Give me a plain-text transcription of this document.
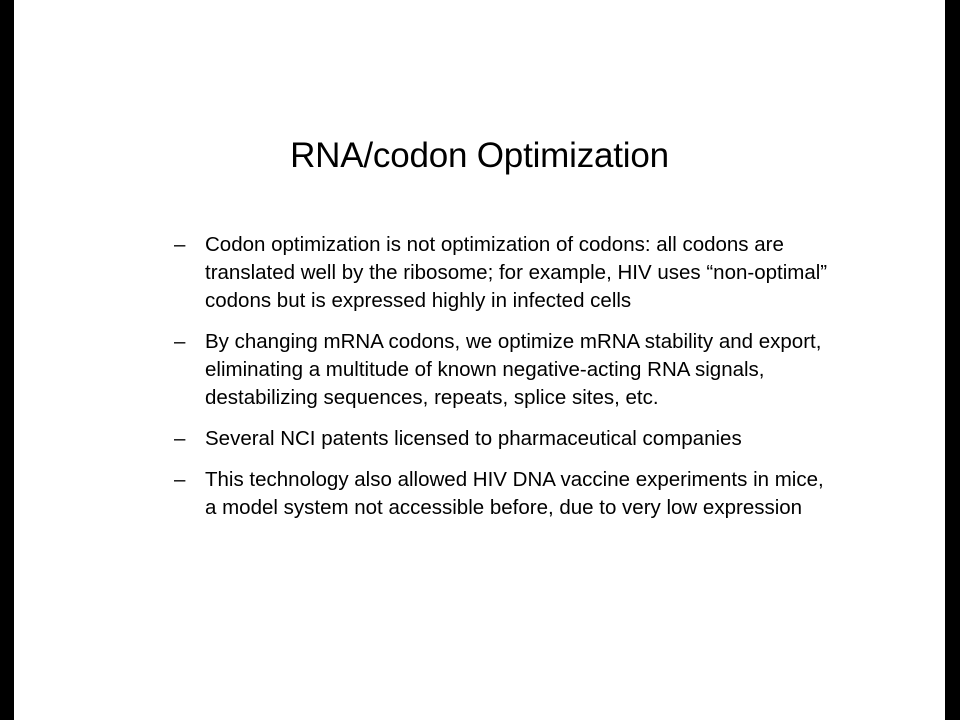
RNA/codon Optimization
– Codon optimization is not optimization of codons: all codons are translated well by the ribosome; for example, HIV uses “non-optimal” codons but is expressed highly in infected cells
– By changing mRNA codons, we optimize mRNA stability and export, eliminating a multitude of known negative-acting RNA signals, destabilizing sequences, repeats, splice sites, etc.
– Several NCI patents licensed to pharmaceutical companies
– This technology also allowed HIV DNA vaccine experiments in mice, a model system not accessible before, due to very low expression
